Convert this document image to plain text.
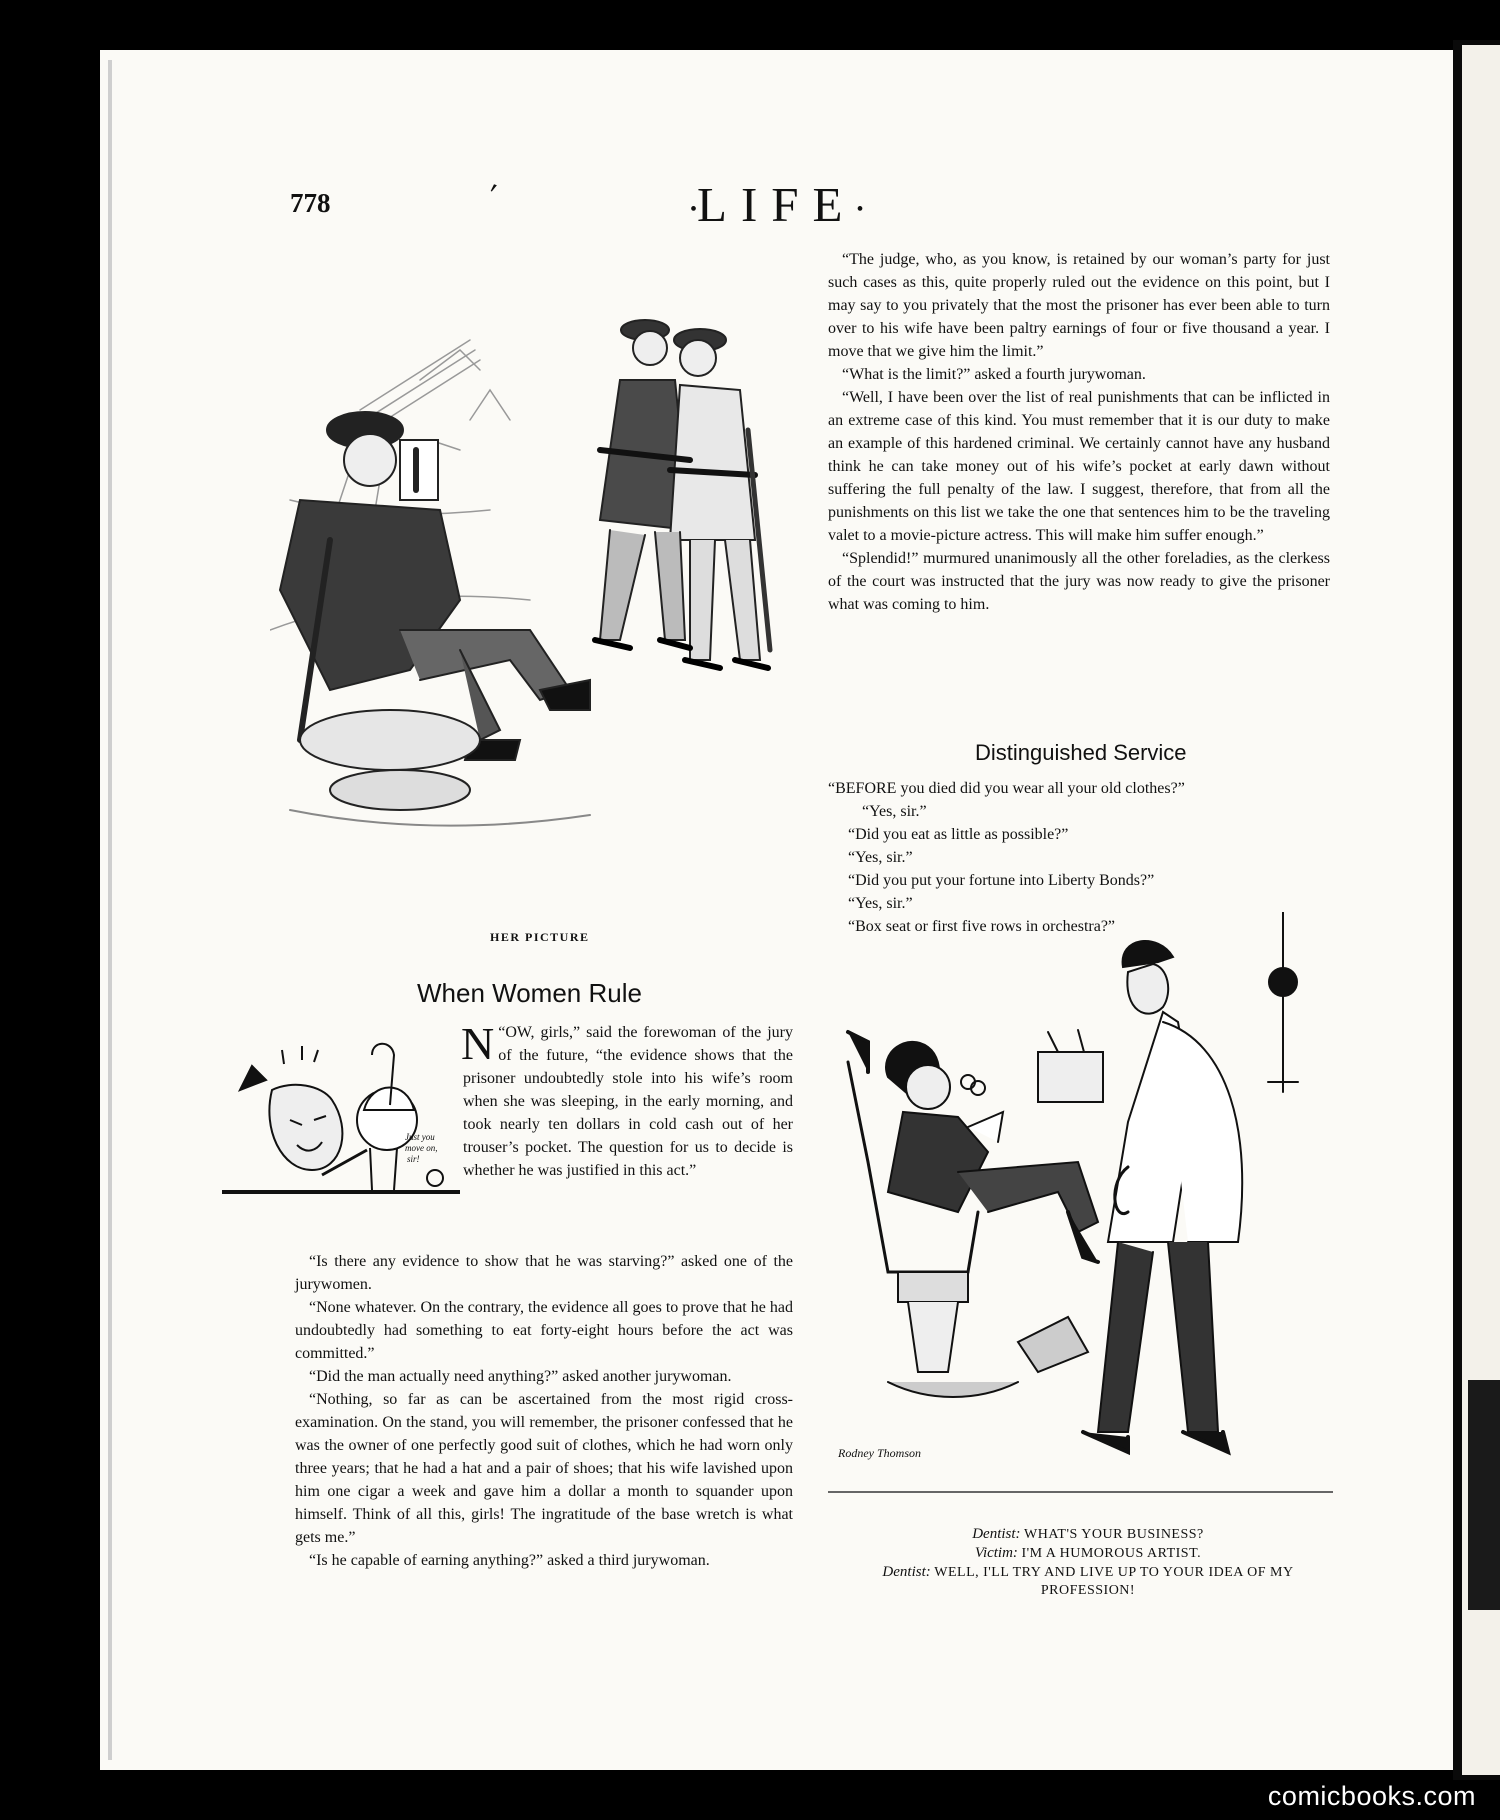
778	ʹ	•LIFE•
HER PICTURE
When Women Rule
Just you
move on,
sir!

“
N OW, girls,” said the forewoman of the jury of the future, “the evidence shows that the prisoner undoubtedly stole into his wife’s room when she was sleeping, in the early morning, and took nearly ten dollars in cold cash out of her trouser’s pocket. The question for us to decide is whether he was justified in this act.”

“Is there any evidence to show that he was starving?” asked one of the jurywomen.

“None whatever. On the contrary, the evidence all goes to prove that he had undoubtedly had something to eat forty-eight hours before the act was committed.”

“Did the man actually need anything?” asked another jurywoman.

“Nothing, so far as can be ascertained from the most rigid cross-examination. On the stand, you will remember, the prisoner confessed that he was the owner of one perfectly good suit of clothes, which he had worn only three years; that he had a hat and a pair of shoes; that his wife lavished upon him one cigar a week and gave him a dollar a month to squander upon himself. Think of all this, girls! The ingratitude of the base wretch is what gets me.”

“Is he capable of earning anything?” asked a third jurywoman.

“The judge, who, as you know, is retained by our woman’s party for just such cases as this, quite properly ruled out the evidence on this point, but I may say to you privately that the most the prisoner has ever been able to turn over to his wife have been paltry earnings of four or five thousand a year. I move that we give him the limit.”

“What is the limit?” asked a fourth jurywoman.

“Well, I have been over the list of real punishments that can be inflicted in an extreme case of this kind. You must remember that it is our duty to make an example of this hardened criminal. We certainly cannot have any husband think he can take money out of his wife’s pocket at early dawn without suffering the full penalty of the law. I suggest, therefore, that from all the punishments on this list we take the one that sentences him to be the traveling valet to a movie-picture actress. This will make him suffer enough.”

“Splendid!” murmured unanimously all the other foreladies, as the clerkess of the court was instructed that the jury was now ready to give the prisoner what was coming to him.

Distinguished Service
“BEFORE you died did you wear all your old clothes?”
“Yes, sir.”
“Did you eat as little as possible?”
“Yes, sir.”
“Did you put your fortune into Liberty Bonds?”
“Yes, sir.”
“Box seat or first five rows in orchestra?”
Rodney Thomson
Dentist: WHAT'S YOUR BUSINESS?
Victim: I'M A HUMOROUS ARTIST.
Dentist: WELL, I'LL TRY AND LIVE UP TO YOUR IDEA OF MY PROFESSION!
comicbooks.com
